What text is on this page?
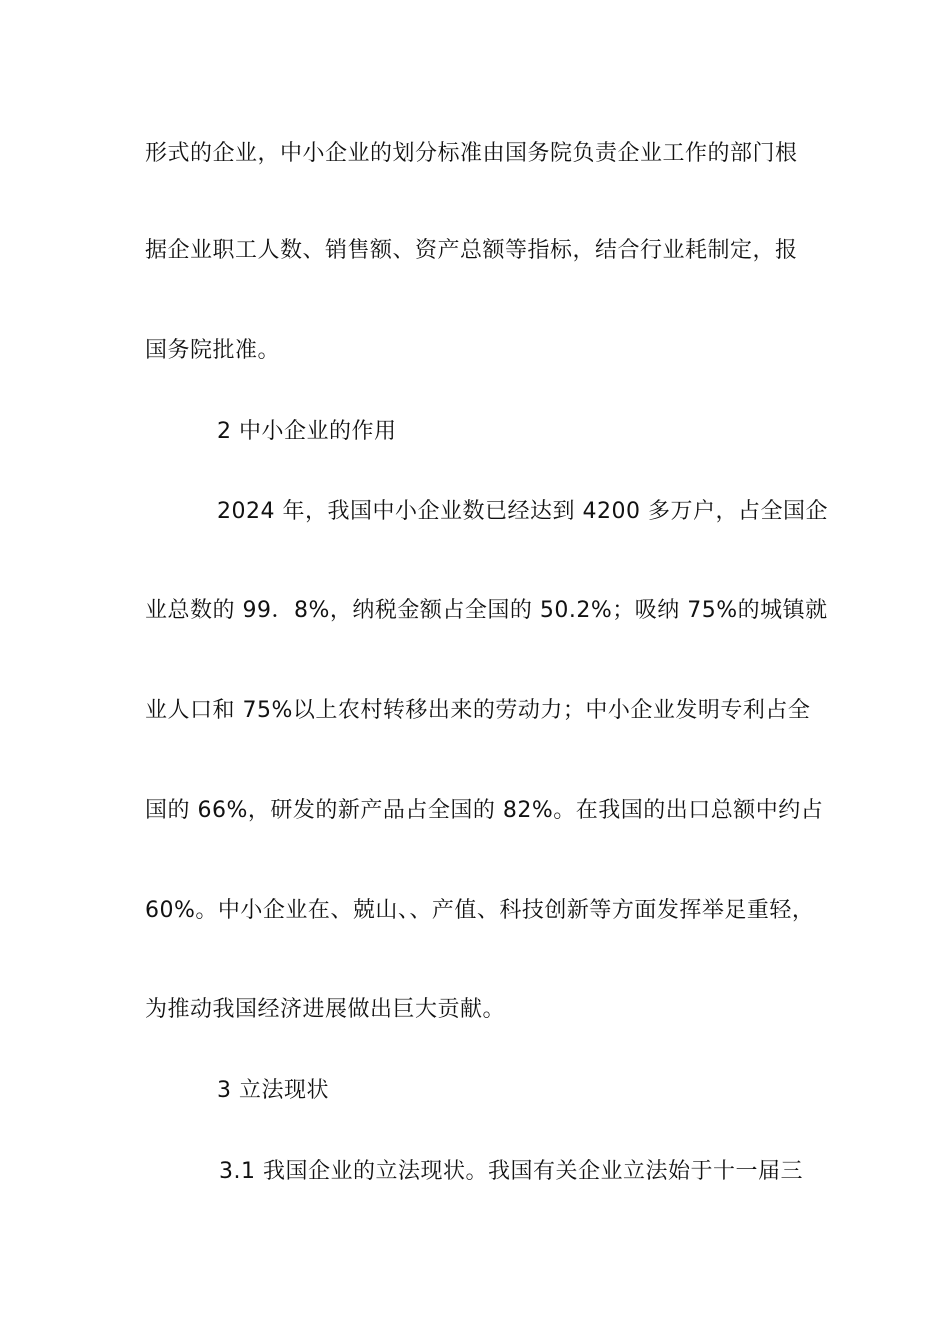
形式的企业，中小企业的划分标准由国务院负责企业工作的部门根
据企业职工人数、销售额、资产总额等指标，结合行业耗制定，报
国务院批准。
2 中小企业的作用
2024 年，我国中小企业数已经达到 4200 多万户，占全国企
业总数的 99．8%，纳税金额占全国的 50.2%；吸纳 75%的城镇就
业人口和 75%以上农村转移出来的劳动力；中小企业发明专利占全
国的 66%，研发的新产品占全国的 82%。在我国的出口总额中约占
60%。中小企业在、兢山、、产值、科技创新等方面发挥举足重轻，
为推动我国经济进展做出巨大贡献。
3 立法现状
3.1 我国企业的立法现状。我国有关企业立法始于十一届三
